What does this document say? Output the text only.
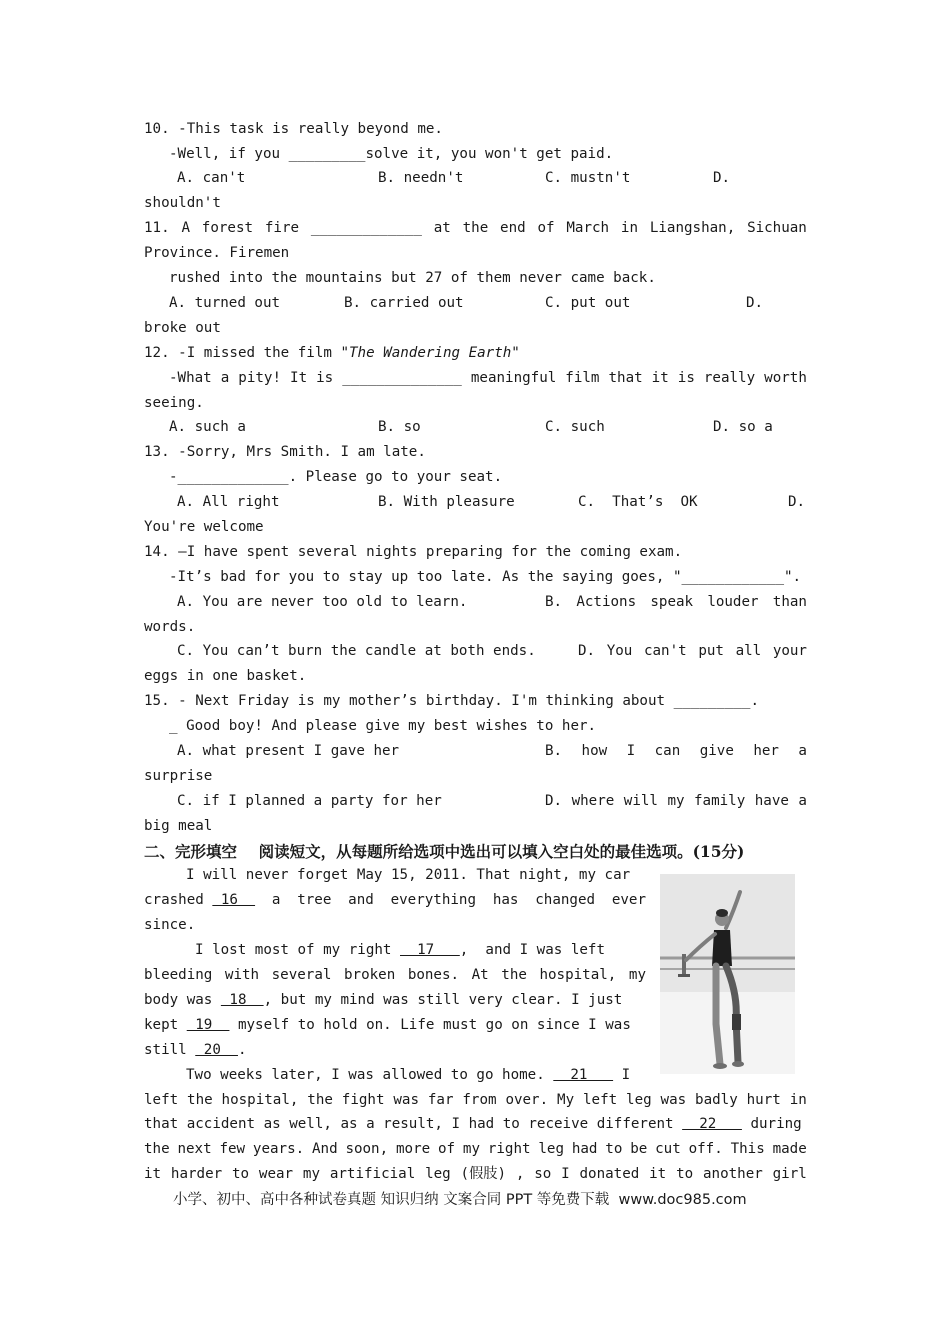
10. -This task is really beyond me.
-Well, if you _________solve it, you won't get paid.
A. can't	B. needn't	C. mustn't	D.
shouldn't
11. A forest fire _____________ at the end of March in Liangshan, Sichuan
Province. Firemen
rushed into the mountains but 27 of them never came back.
A. turned out	B. carried out	C. put out	D.
broke out
12. -I missed the film "The Wandering Earth"
-What a pity! It is ______________ meaningful film that it is really worth
seeing.
A. such a	B. so	C. such	D. so a
13. -Sorry, Mrs Smith. I am late.
-_____________. Please go to your seat.
A. All right	B. With pleasure	C.  That’s  OK	D.
You're welcome
14. –I have spent several nights preparing for the coming exam.
-It’s bad for you to stay up too late. As the saying goes, "____________".
A. You are never too old to learn.	B. Actions speak louder than
words.
C. You can’t burn the candle at both ends.	D. You can't put all your
eggs in one basket.
15. - Next Friday is my mother’s birthday. I'm thinking about _________.
_ Good boy! And please give my best wishes to her.
A. what present I gave her	B. how I can give her a
surprise
C. if I planned a party for her	D. where will my family have a
big meal
二、完形填空    阅读短文，从每题所给选项中选出可以填入空白处的最佳选项。(15分)
I will never forget May 15, 2011. That night, my car
crashed  16 a tree and everything has changed ever
since.
I lost most of my right   17   ,  and I was left
bleeding with several broken bones. At the hospital, my
body was  18  , but my mind was still very clear. I just
kept  19   myself to hold on. Life must go on since I was
still  20  .
Two weeks later, I was allowed to go home.   21    I
left the hospital, the fight was far from over. My left leg was badly hurt in
that accident as well, as a result, I had to receive different   22    during
the next few years. And soon, more of my right leg had to be cut off. This made
it harder to wear my artificial leg (假肢) , so I donated it to another girl
小学、初中、高中各种试卷真题 知识归纳 文案合同 PPT 等免费下载  www.doc985.com
